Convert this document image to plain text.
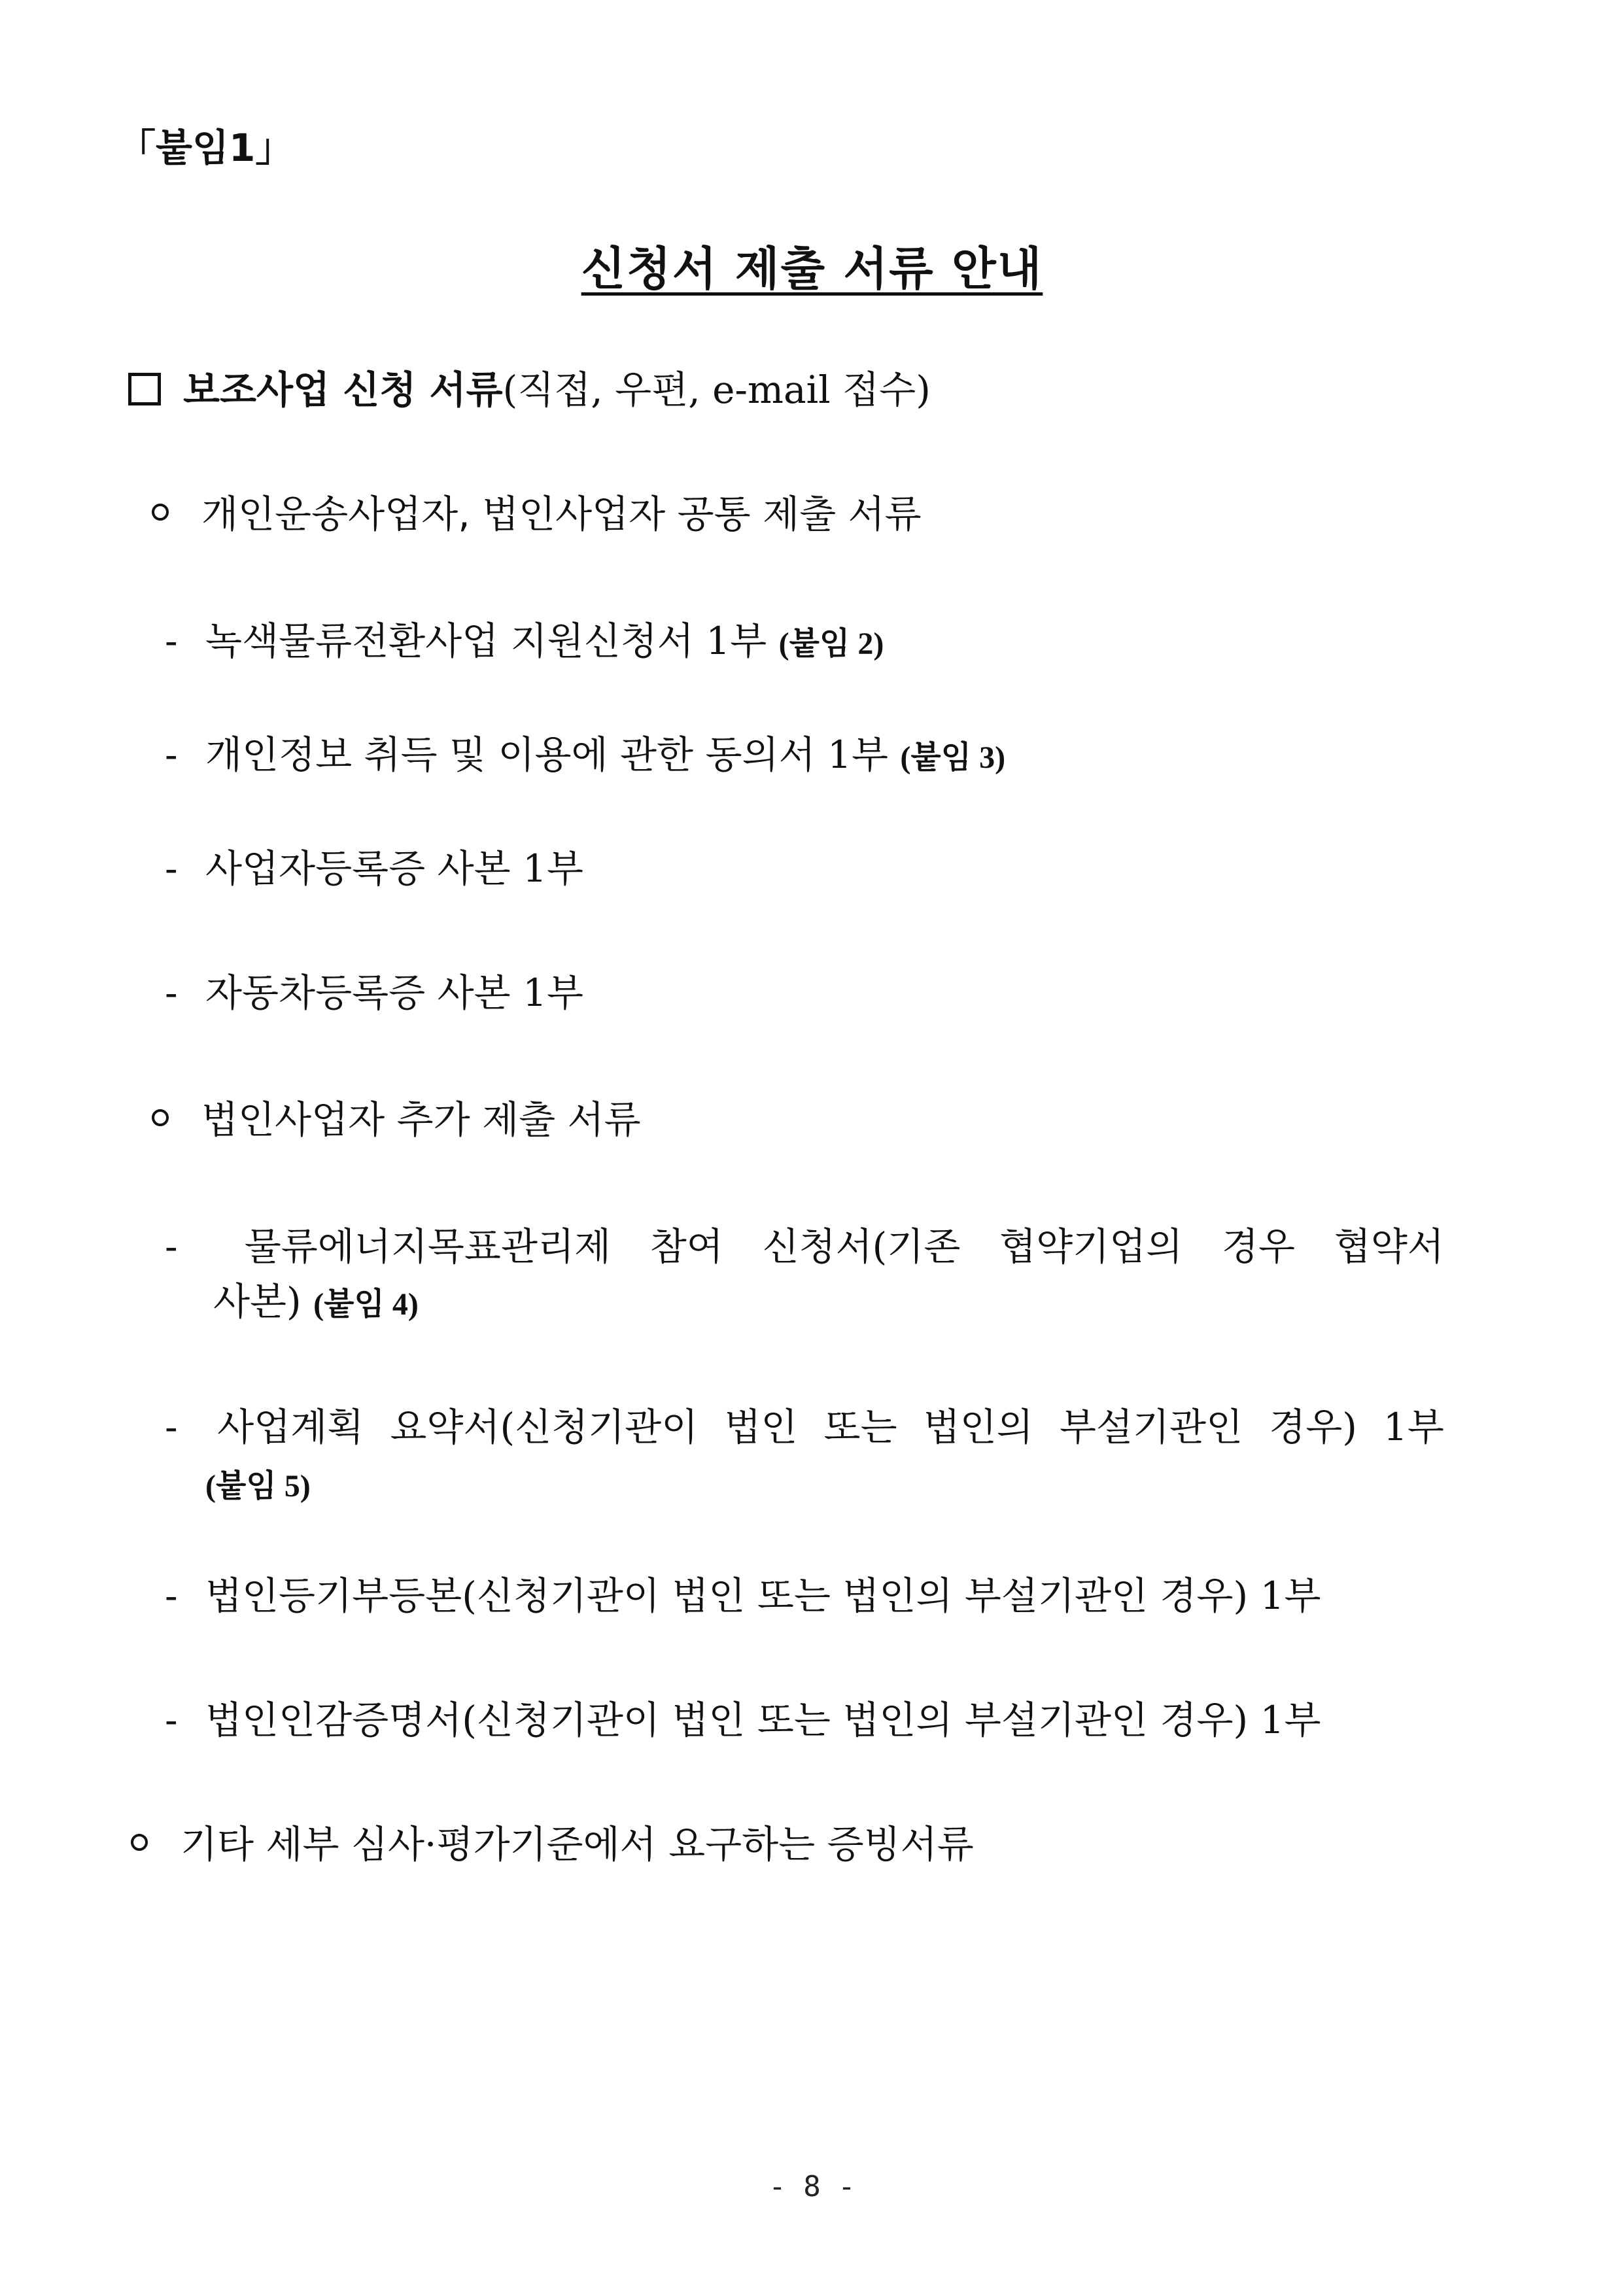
「붙임1」
신청서 제출 서류 안내
보조사업 신청 서류(직접, 우편, e-mail 접수)
개인운송사업자, 법인사업자 공통 제출 서류
- 녹색물류전환사업 지원신청서 1부 (붙임 2)
- 개인정보 취득 및 이용에 관한 동의서 1부 (붙임 3)
- 사업자등록증 사본 1부
- 자동차등록증 사본 1부
법인사업자 추가 제출 서류
-	물류에너지목표관리제 참여 신청서(기존 협약기업의 경우 협약서
사본) (붙임 4)
-	사업계획 요약서(신청기관이 법인 또는 법인의 부설기관인 경우) 1부
(붙임 5)
- 법인등기부등본(신청기관이 법인 또는 법인의 부설기관인 경우) 1부
- 법인인감증명서(신청기관이 법인 또는 법인의 부설기관인 경우) 1부
기타 세부 심사·평가기준에서 요구하는 증빙서류
- 8 -
